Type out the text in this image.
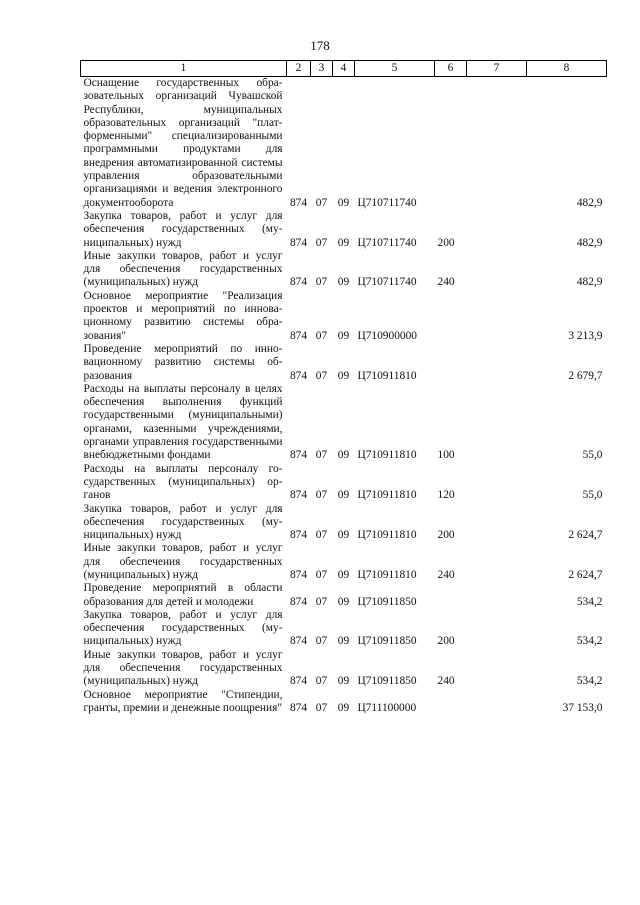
178
1	2	3	4	5	6	7	8
Оснащение государственных образовательных организаций Чувашской Республики, муниципальных образовательных организаций "платформенными" специализированными программными продуктами для внедрения автоматизированной системы управления образовательными организациями и ведения электронного документооборота	874	07	09	Ц710711740			482,9
Закупка товаров, работ и услуг для обеспечения государственных (муниципальных) нужд	874	07	09	Ц710711740	200		482,9
Иные закупки товаров, работ и услуг для обеспечения государственных (муниципальных) нужд	874	07	09	Ц710711740	240		482,9
Основное мероприятие "Реализация проектов и мероприятий по инновационному развитию системы образования"	874	07	09	Ц710900000			3 213,9
Проведение мероприятий по инновационному развитию системы образования	874	07	09	Ц710911810			2 679,7
Расходы на выплаты персоналу в целях обеспечения выполнения функций государственными (муниципальными) органами, казенными учреждениями, органами управления государственными внебюджетными фондами	874	07	09	Ц710911810	100		55,0
Расходы на выплаты персоналу государственных (муниципальных) органов	874	07	09	Ц710911810	120		55,0
Закупка товаров, работ и услуг для обеспечения государственных (муниципальных) нужд	874	07	09	Ц710911810	200		2 624,7
Иные закупки товаров, работ и услуг для обеспечения государственных (муниципальных) нужд	874	07	09	Ц710911810	240		2 624,7
Проведение мероприятий в области образования для детей и молодежи	874	07	09	Ц710911850			534,2
Закупка товаров, работ и услуг для обеспечения государственных (муниципальных) нужд	874	07	09	Ц710911850	200		534,2
Иные закупки товаров, работ и услуг для обеспечения государственных (муниципальных) нужд	874	07	09	Ц710911850	240		534,2
Основное мероприятие "Стипендии, гранты, премии и денежные поощрения"	874	07	09	Ц711100000			37 153,0
